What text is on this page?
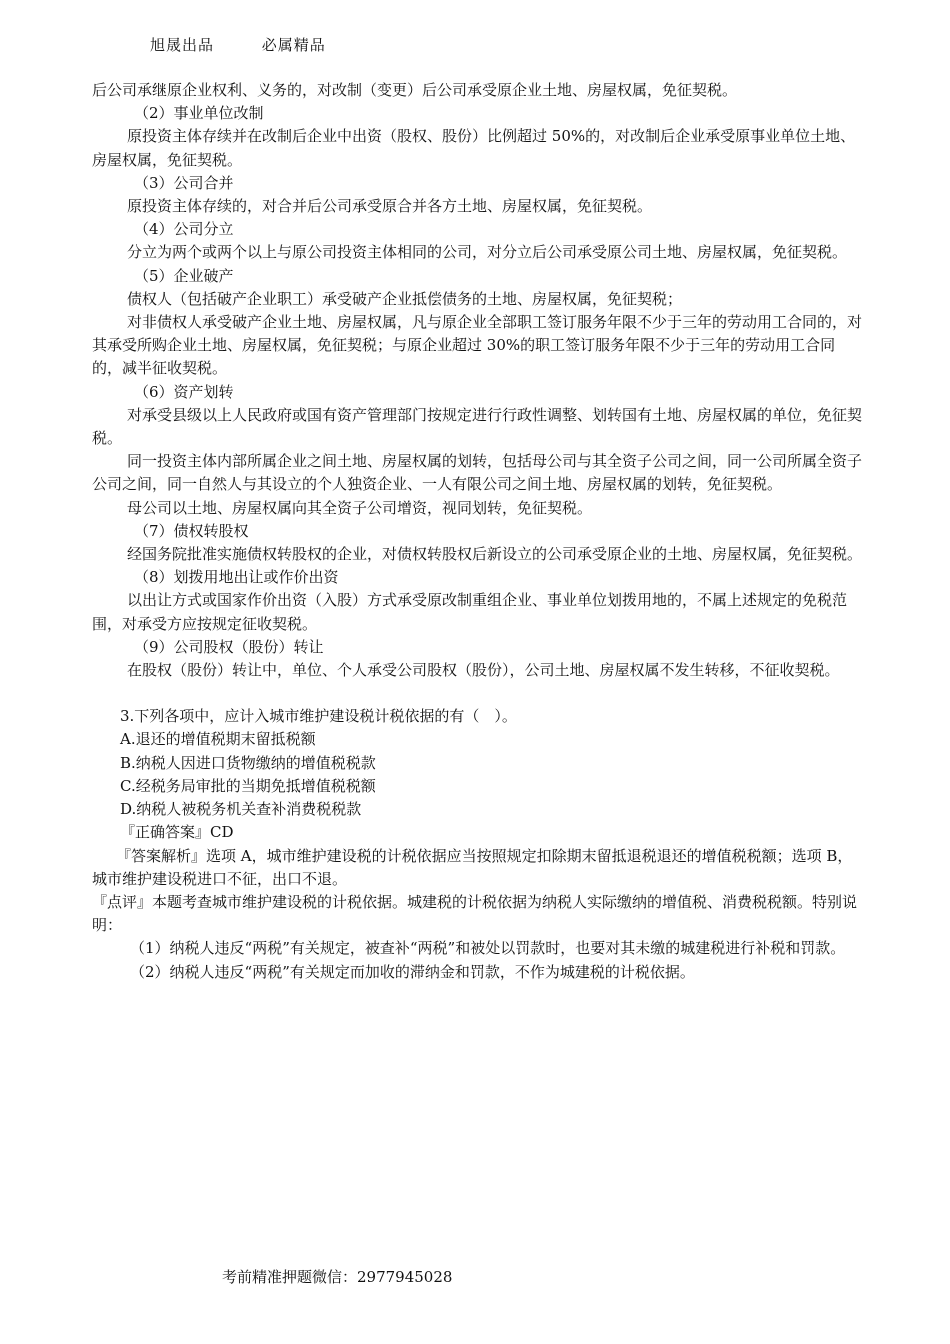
旭晟出品	必属精品

后公司承继原企业权利、义务的，对改制（变更）后公司承受原企业土地、房屋权属，免征契税。

（2）事业单位改制

原投资主体存续并在改制后企业中出资（股权、股份）比例超过 50%的，对改制后企业承受原事业单位土地、房屋权属，免征契税。

（3）公司合并

原投资主体存续的，对合并后公司承受原合并各方土地、房屋权属，免征契税。

（4）公司分立

分立为两个或两个以上与原公司投资主体相同的公司，对分立后公司承受原公司土地、房屋权属，免征契税。

（5）企业破产

债权人（包括破产企业职工）承受破产企业抵偿债务的土地、房屋权属，免征契税；

对非债权人承受破产企业土地、房屋权属，凡与原企业全部职工签订服务年限不少于三年的劳动用工合同的，对其承受所购企业土地、房屋权属，免征契税；与原企业超过 30%的职工签订服务年限不少于三年的劳动用工合同的，减半征收契税。

（6）资产划转

对承受县级以上人民政府或国有资产管理部门按规定进行行政性调整、划转国有土地、房屋权属的单位，免征契税。

同一投资主体内部所属企业之间土地、房屋权属的划转，包括母公司与其全资子公司之间，同一公司所属全资子公司之间，同一自然人与其设立的个人独资企业、一人有限公司之间土地、房屋权属的划转，免征契税。

母公司以土地、房屋权属向其全资子公司增资，视同划转，免征契税。

（7）债权转股权

经国务院批准实施债权转股权的企业，对债权转股权后新设立的公司承受原企业的土地、房屋权属，免征契税。

（8）划拨用地出让或作价出资

以出让方式或国家作价出资（入股）方式承受原改制重组企业、事业单位划拨用地的，不属上述规定的免税范围，对承受方应按规定征收契税。

（9）公司股权（股份）转让

在股权（股份）转让中，单位、个人承受公司股权（股份），公司土地、房屋权属不发生转移，不征收契税。

3.下列各项中，应计入城市维护建设税计税依据的有（　）。

A.退还的增值税期末留抵税额

B.纳税人因进口货物缴纳的增值税税款

C.经税务局审批的当期免抵增值税税额

D.纳税人被税务机关查补消费税税款

『正确答案』CD

『答案解析』选项 A，城市维护建设税的计税依据应当按照规定扣除期末留抵退税退还的增值税税额；选项 B，城市维护建设税进口不征，出口不退。

『点评』本题考查城市维护建设税的计税依据。城建税的计税依据为纳税人实际缴纳的增值税、消费税税额。特别说明：

（1）纳税人违反“两税”有关规定，被查补“两税”和被处以罚款时，也要对其未缴的城建税进行补税和罚款。

（2）纳税人违反“两税”有关规定而加收的滞纳金和罚款，不作为城建税的计税依据。

考前精准押题微信：2977945028
